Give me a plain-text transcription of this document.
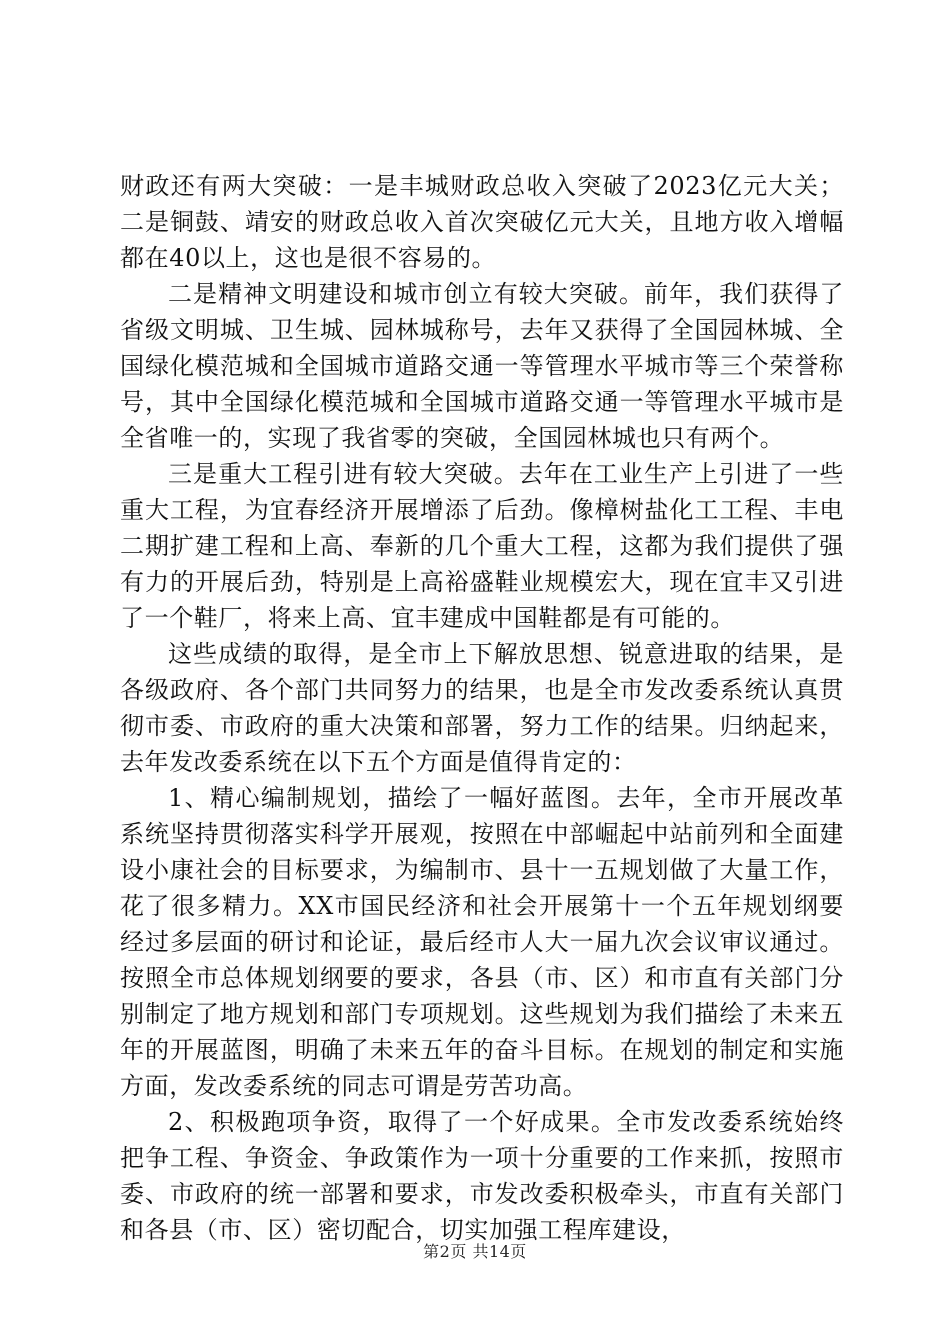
财政还有两大突破：一是丰城财政总收入突破了2023亿元大关；二是铜鼓、靖安的财政总收入首次突破亿元大关，且地方收入增幅都在40以上，这也是很不容易的。

二是精神文明建设和城市创立有较大突破。前年，我们获得了省级文明城、卫生城、园林城称号，去年又获得了全国园林城、全国绿化模范城和全国城市道路交通一等管理水平城市等三个荣誉称号，其中全国绿化模范城和全国城市道路交通一等管理水平城市是全省唯一的，实现了我省零的突破，全国园林城也只有两个。

三是重大工程引进有较大突破。去年在工业生产上引进了一些重大工程，为宜春经济开展增添了后劲。像樟树盐化工工程、丰电二期扩建工程和上高、奉新的几个重大工程，这都为我们提供了强有力的开展后劲，特别是上高裕盛鞋业规模宏大，现在宜丰又引进了一个鞋厂，将来上高、宜丰建成中国鞋都是有可能的。

这些成绩的取得，是全市上下解放思想、锐意进取的结果，是各级政府、各个部门共同努力的结果，也是全市发改委系统认真贯彻市委、市政府的重大决策和部署，努力工作的结果。归纳起来，去年发改委系统在以下五个方面是值得肯定的：

1、精心编制规划，描绘了一幅好蓝图。去年，全市开展改革系统坚持贯彻落实科学开展观，按照在中部崛起中站前列和全面建设小康社会的目标要求，为编制市、县十一五规划做了大量工作，花了很多精力。XX市国民经济和社会开展第十一个五年规划纲要经过多层面的研讨和论证，最后经市人大一届九次会议审议通过。按照全市总体规划纲要的要求，各县（市、区）和市直有关部门分别制定了地方规划和部门专项规划。这些规划为我们描绘了未来五年的开展蓝图，明确了未来五年的奋斗目标。在规划的制定和实施方面，发改委系统的同志可谓是劳苦功高。

2、积极跑项争资，取得了一个好成果。全市发改委系统始终把争工程、争资金、争政策作为一项十分重要的工作来抓，按照市委、市政府的统一部署和要求，市发改委积极牵头，市直有关部门和各县（市、区）密切配合，切实加强工程库建设，

第2页 共14页
